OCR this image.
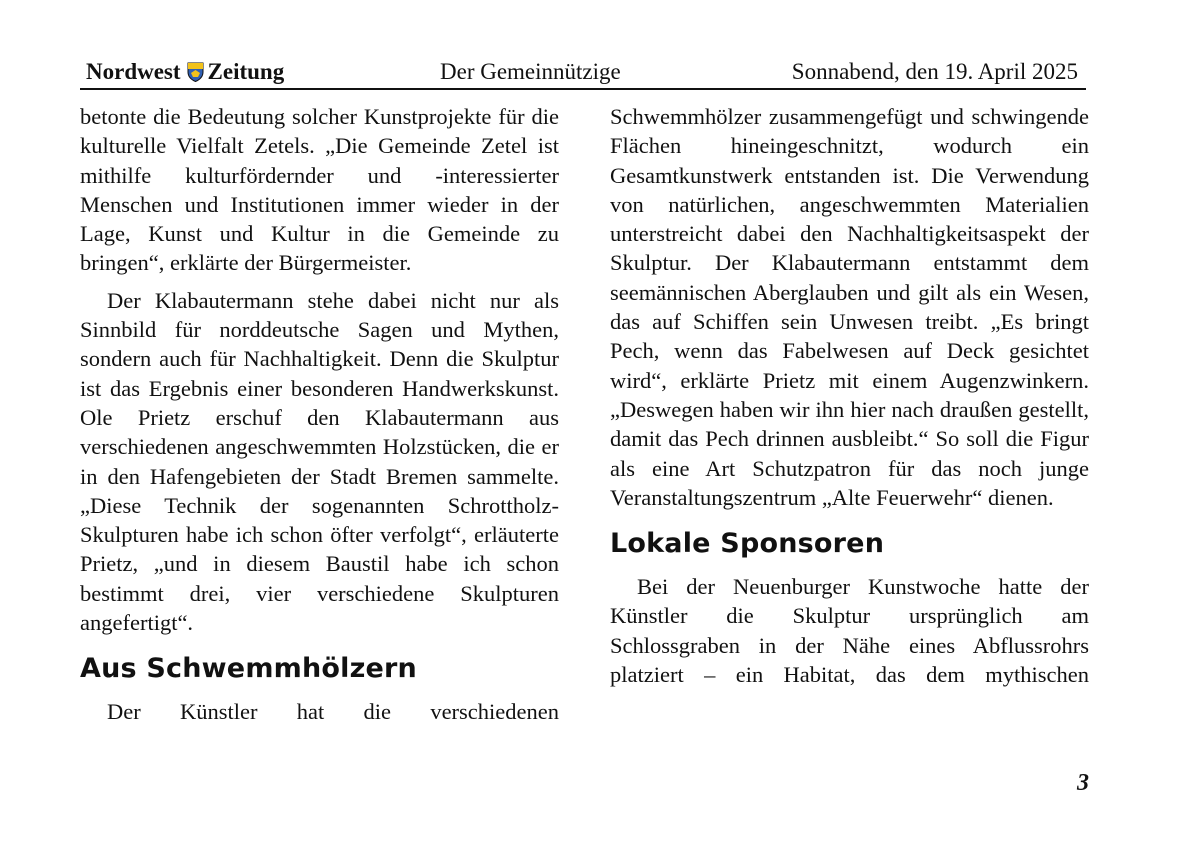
Nordwest Zeitung	Der Gemeinnützige	Sonnabend, den 19. April 2025

betonte die Bedeutung solcher Kunstprojekte für die kulturelle Vielfalt Zetels. „Die Gemeinde Zetel ist mithilfe kulturfördernder und -interessierter Menschen und Institutionen immer wieder in der Lage, Kunst und Kultur in die Gemeinde zu bringen“, erklärte der Bürgermeister.

Der Klabautermann stehe dabei nicht nur als Sinnbild für norddeutsche Sagen und Mythen, sondern auch für Nachhaltigkeit. Denn die Skulptur ist das Ergebnis einer besonderen Handwerkskunst. Ole Prietz erschuf den Klabautermann aus verschiedenen angeschwemmten Holzstücken, die er in den Hafengebieten der Stadt Bremen sammelte. „Diese Technik der sogenannten Schrottholz-Skulpturen habe ich schon öfter verfolgt“, erläuterte Prietz, „und in diesem Baustil habe ich schon bestimmt drei, vier verschiedene Skulpturen angefertigt“.

Aus Schwemmhölzern

Der Künstler hat die verschiedenen

Schwemmhölzer zusammengefügt und schwingende Flächen hineingeschnitzt, wodurch ein Gesamtkunstwerk entstanden ist. Die Verwendung von natürlichen, angeschwemmten Materialien unterstreicht dabei den Nachhaltigkeitsaspekt der Skulptur. Der Klabautermann entstammt dem seemännischen Aberglauben und gilt als ein Wesen, das auf Schiffen sein Unwesen treibt. „Es bringt Pech, wenn das Fabelwesen auf Deck gesichtet wird“, erklärte Prietz mit einem Augenzwinkern. „Deswegen haben wir ihn hier nach draußen gestellt, damit das Pech drinnen ausbleibt.“ So soll die Figur als eine Art Schutzpatron für das noch junge Veranstaltungszentrum „Alte Feuerwehr“ dienen.

Lokale Sponsoren

Bei der Neuenburger Kunstwoche hatte der Künstler die Skulptur ursprünglich am Schlossgraben in der Nähe eines Abflussrohrs platziert – ein Habitat, das dem mythischen

3
